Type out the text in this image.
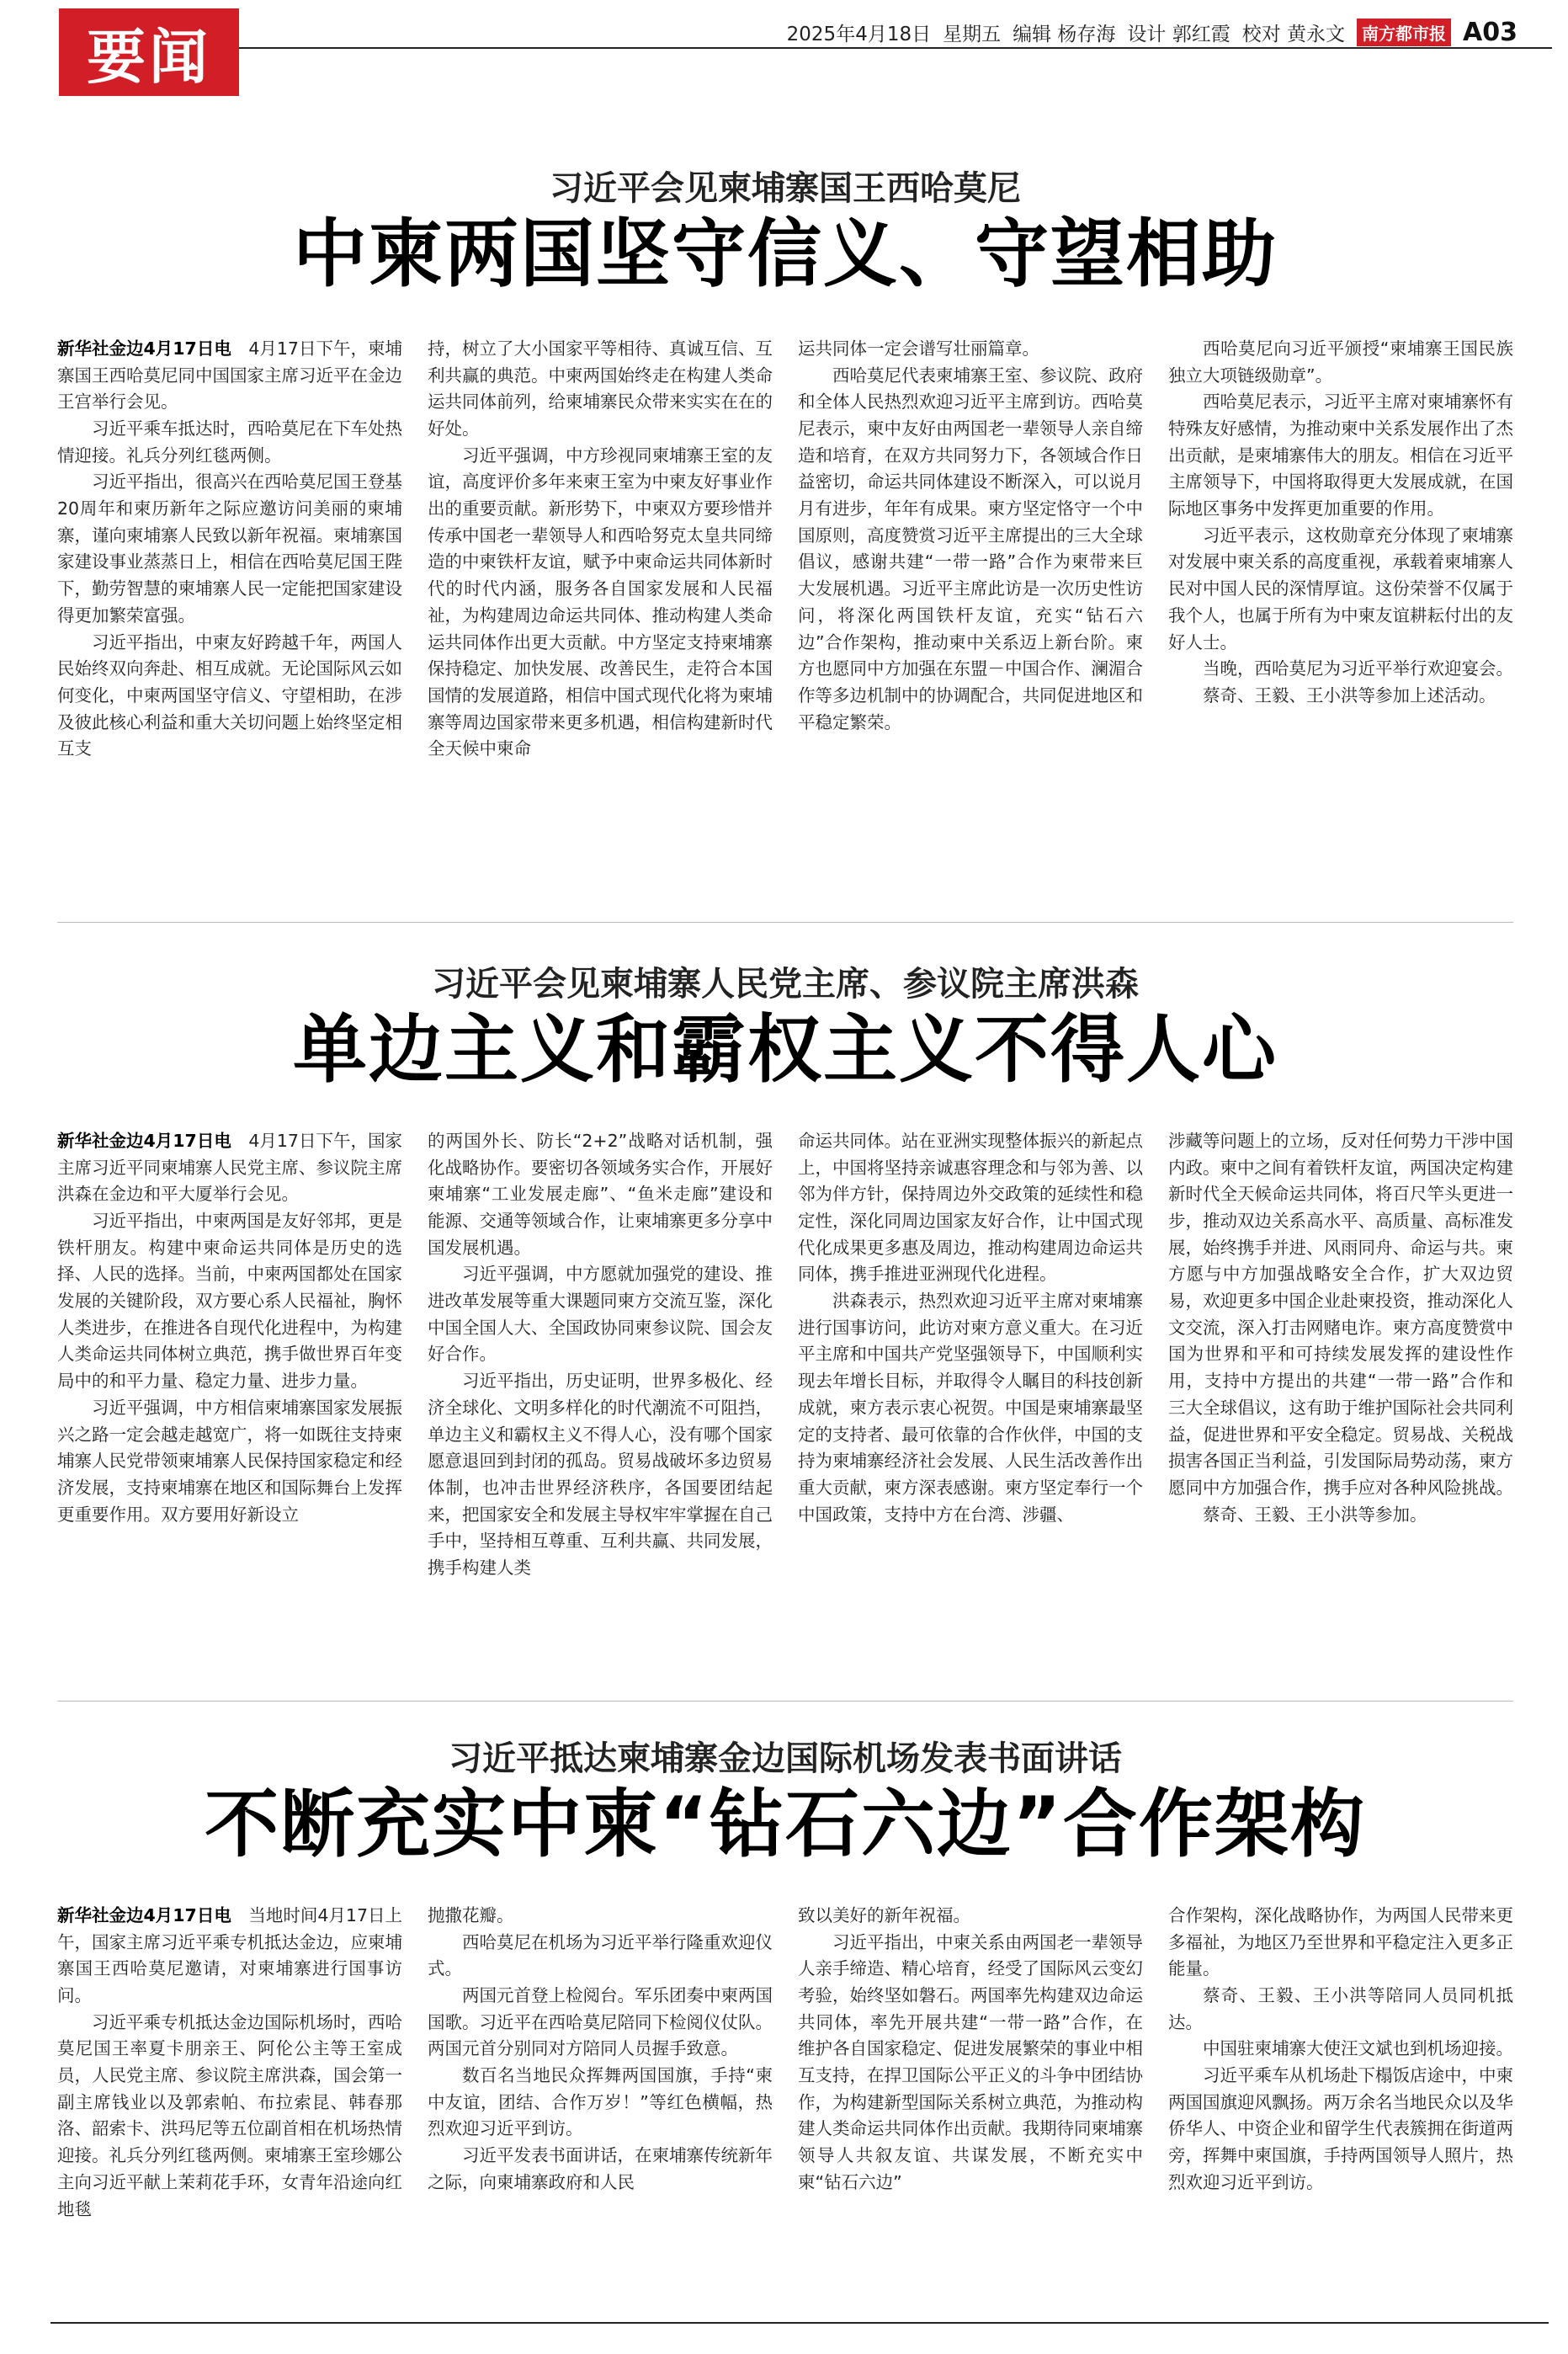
要闻	2025年4月18日 星期五 编辑 杨存海 设计 郭红霞 校对 黄永文	南方都市报 A03
习近平会见柬埔寨国王西哈莫尼
中柬两国坚守信义、守望相助

新华社金边4月17日电　 4月17日下午，柬埔寨国王西哈莫尼同中国国家主席习近平在金边王宫举行会见。

习近平乘车抵达时，西哈莫尼在下车处热情迎接。礼兵分列红毯两侧。

习近平指出，很高兴在西哈莫尼国王登基20周年和柬历新年之际应邀访问美丽的柬埔寨，谨向柬埔寨人民致以新年祝福。柬埔寨国家建设事业蒸蒸日上，相信在西哈莫尼国王陛下，勤劳智慧的柬埔寨人民一定能把国家建设得更加繁荣富强。

习近平指出，中柬友好跨越千年，两国人民始终双向奔赴、相互成就。无论国际风云如何变化，中柬两国坚守信义、守望相助，在涉及彼此核心利益和重大关切问题上始终坚定相互支

持，树立了大小国家平等相待、真诚互信、互利共赢的典范。中柬两国始终走在构建人类命运共同体前列，给柬埔寨民众带来实实在在的好处。

习近平强调，中方珍视同柬埔寨王室的友谊，高度评价多年来柬王室为中柬友好事业作出的重要贡献。新形势下，中柬双方要珍惜并传承中国老一辈领导人和西哈努克太皇共同缔造的中柬铁杆友谊，赋予中柬命运共同体新时代的时代内涵，服务各自国家发展和人民福祉，为构建周边命运共同体、推动构建人类命运共同体作出更大贡献。中方坚定支持柬埔寨保持稳定、加快发展、改善民生，走符合本国国情的发展道路，相信中国式现代化将为柬埔寨等周边国家带来更多机遇，相信构建新时代全天候中柬命

运共同体一定会谱写壮丽篇章。

西哈莫尼代表柬埔寨王室、参议院、政府和全体人民热烈欢迎习近平主席到访。西哈莫尼表示，柬中友好由两国老一辈领导人亲自缔造和培育，在双方共同努力下，各领域合作日益密切，命运共同体建设不断深入，可以说月月有进步，年年有成果。柬方坚定恪守一个中国原则，高度赞赏习近平主席提出的三大全球倡议，感谢共建“一带一路”合作为柬带来巨大发展机遇。习近平主席此访是一次历史性访问，将深化两国铁杆友谊，充实“钻石六边”合作架构，推动柬中关系迈上新台阶。柬方也愿同中方加强在东盟－中国合作、澜湄合作等多边机制中的协调配合，共同促进地区和平稳定繁荣。

西哈莫尼向习近平颁授“柬埔寨王国民族独立大项链级勋章”。

西哈莫尼表示，习近平主席对柬埔寨怀有特殊友好感情，为推动柬中关系发展作出了杰出贡献，是柬埔寨伟大的朋友。相信在习近平主席领导下，中国将取得更大发展成就，在国际地区事务中发挥更加重要的作用。

习近平表示，这枚勋章充分体现了柬埔寨对发展中柬关系的高度重视，承载着柬埔寨人民对中国人民的深情厚谊。这份荣誉不仅属于我个人，也属于所有为中柬友谊耕耘付出的友好人士。

当晚，西哈莫尼为习近平举行欢迎宴会。

蔡奇、王毅、王小洪等参加上述活动。

习近平会见柬埔寨人民党主席、参议院主席洪森
单边主义和霸权主义不得人心

新华社金边4月17日电　 4月17日下午，国家主席习近平同柬埔寨人民党主席、参议院主席洪森在金边和平大厦举行会见。

习近平指出，中柬两国是友好邻邦，更是铁杆朋友。构建中柬命运共同体是历史的选择、人民的选择。当前，中柬两国都处在国家发展的关键阶段，双方要心系人民福祉，胸怀人类进步，在推进各自现代化进程中，为构建人类命运共同体树立典范，携手做世界百年变局中的和平力量、稳定力量、进步力量。

习近平强调，中方相信柬埔寨国家发展振兴之路一定会越走越宽广，将一如既往支持柬埔寨人民党带领柬埔寨人民保持国家稳定和经济发展，支持柬埔寨在地区和国际舞台上发挥更重要作用。双方要用好新设立

的两国外长、防长“2+2”战略对话机制，强化战略协作。要密切各领域务实合作，开展好柬埔寨“工业发展走廊”、“鱼米走廊”建设和能源、交通等领域合作，让柬埔寨更多分享中国发展机遇。

习近平强调，中方愿就加强党的建设、推进改革发展等重大课题同柬方交流互鉴，深化中国全国人大、全国政协同柬参议院、国会友好合作。

习近平指出，历史证明，世界多极化、经济全球化、文明多样化的时代潮流不可阻挡，单边主义和霸权主义不得人心，没有哪个国家愿意退回到封闭的孤岛。贸易战破坏多边贸易体制，也冲击世界经济秩序，各国要团结起来，把国家安全和发展主导权牢牢掌握在自己手中，坚持相互尊重、互利共赢、共同发展，携手构建人类

命运共同体。站在亚洲实现整体振兴的新起点上，中国将坚持亲诚惠容理念和与邻为善、以邻为伴方针，保持周边外交政策的延续性和稳定性，深化同周边国家友好合作，让中国式现代化成果更多惠及周边，推动构建周边命运共同体，携手推进亚洲现代化进程。

洪森表示，热烈欢迎习近平主席对柬埔寨进行国事访问，此访对柬方意义重大。在习近平主席和中国共产党坚强领导下，中国顺利实现去年增长目标，并取得令人瞩目的科技创新成就，柬方表示衷心祝贺。中国是柬埔寨最坚定的支持者、最可依靠的合作伙伴，中国的支持为柬埔寨经济社会发展、人民生活改善作出重大贡献，柬方深表感谢。柬方坚定奉行一个中国政策，支持中方在台湾、涉疆、

涉藏等问题上的立场，反对任何势力干涉中国内政。柬中之间有着铁杆友谊，两国决定构建新时代全天候命运共同体，将百尺竿头更进一步，推动双边关系高水平、高质量、高标准发展，始终携手并进、风雨同舟、命运与共。柬方愿与中方加强战略安全合作，扩大双边贸易，欢迎更多中国企业赴柬投资，推动深化人文交流，深入打击网赌电诈。柬方高度赞赏中国为世界和平和可持续发展发挥的建设性作用，支持中方提出的共建“一带一路”合作和三大全球倡议，这有助于维护国际社会共同利益，促进世界和平安全稳定。贸易战、关税战损害各国正当利益，引发国际局势动荡，柬方愿同中方加强合作，携手应对各种风险挑战。

蔡奇、王毅、王小洪等参加。

习近平抵达柬埔寨金边国际机场发表书面讲话
不断充实中柬“钻石六边”合作架构

新华社金边4月17日电　 当地时间4月17日上午，国家主席习近平乘专机抵达金边，应柬埔寨国王西哈莫尼邀请，对柬埔寨进行国事访问。

习近平乘专机抵达金边国际机场时，西哈莫尼国王率夏卡朋亲王、阿伦公主等王室成员，人民党主席、参议院主席洪森，国会第一副主席钱业以及郭索帕、布拉索昆、韩春那洛、韶索卡、洪玛尼等五位副首相在机场热情迎接。礼兵分列红毯两侧。柬埔寨王室珍娜公主向习近平献上茉莉花手环，女青年沿途向红地毯

抛撒花瓣。

西哈莫尼在机场为习近平举行隆重欢迎仪式。

两国元首登上检阅台。军乐团奏中柬两国国歌。习近平在西哈莫尼陪同下检阅仪仗队。两国元首分别同对方陪同人员握手致意。

数百名当地民众挥舞两国国旗，手持“柬中友谊，团结、合作万岁！”等红色横幅，热烈欢迎习近平到访。

习近平发表书面讲话，在柬埔寨传统新年之际，向柬埔寨政府和人民

致以美好的新年祝福。

习近平指出，中柬关系由两国老一辈领导人亲手缔造、精心培育，经受了国际风云变幻考验，始终坚如磐石。两国率先构建双边命运共同体，率先开展共建“一带一路”合作，在维护各自国家稳定、促进发展繁荣的事业中相互支持，在捍卫国际公平正义的斗争中团结协作，为构建新型国际关系树立典范，为推动构建人类命运共同体作出贡献。我期待同柬埔寨领导人共叙友谊、共谋发展，不断充实中柬“钻石六边”

合作架构，深化战略协作，为两国人民带来更多福祉，为地区乃至世界和平稳定注入更多正能量。

蔡奇、王毅、王小洪等陪同人员同机抵达。

中国驻柬埔寨大使汪文斌也到机场迎接。

习近平乘车从机场赴下榻饭店途中，中柬两国国旗迎风飘扬。两万余名当地民众以及华侨华人、中资企业和留学生代表簇拥在街道两旁，挥舞中柬国旗，手持两国领导人照片，热烈欢迎习近平到访。
